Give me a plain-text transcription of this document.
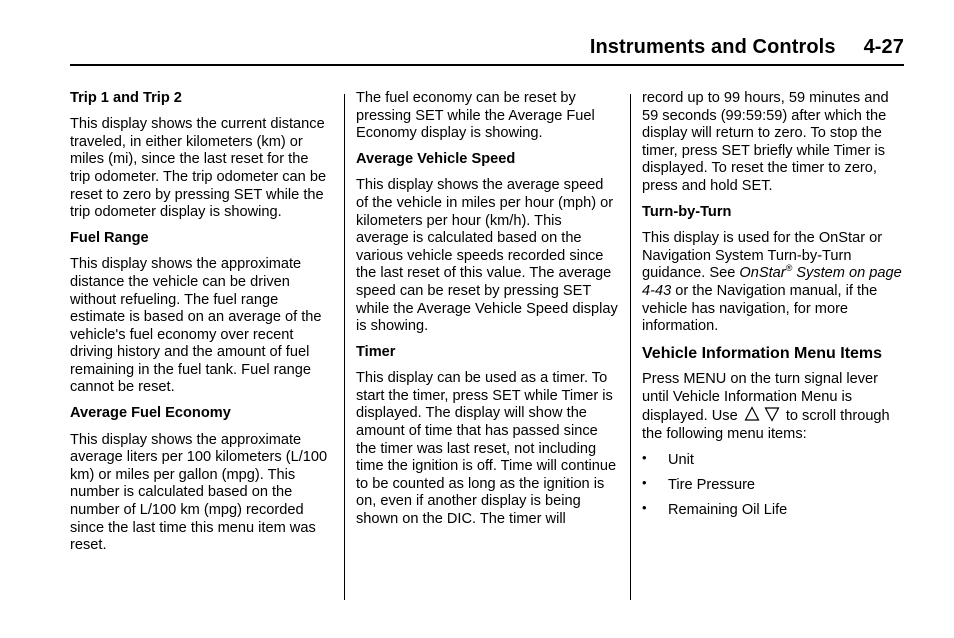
Instruments and Controls 4-27
Trip 1 and Trip 2

This display shows the current distance traveled, in either kilometers (km) or miles (mi), since the last reset for the trip odometer. The trip odometer can be reset to zero by pressing SET while the trip odometer display is showing.

Fuel Range

This display shows the approximate distance the vehicle can be driven without refueling. The fuel range estimate is based on an average of the vehicle's fuel economy over recent driving history and the amount of fuel remaining in the fuel tank. Fuel range cannot be reset.

Average Fuel Economy

This display shows the approximate average liters per 100 kilometers (L/100 km) or miles per gallon (mpg). This number is calculated based on the number of L/100 km (mpg) recorded since the last time this menu item was reset.

The fuel economy can be reset by pressing SET while the Average Fuel Economy display is showing.

Average Vehicle Speed

This display shows the average speed of the vehicle in miles per hour (mph) or kilometers per hour (km/h). This average is calculated based on the various vehicle speeds recorded since the last reset of this value. The average speed can be reset by pressing SET while the Average Vehicle Speed display is showing.

Timer

This display can be used as a timer. To start the timer, press SET while Timer is displayed. The display will show the amount of time that has passed since the timer was last reset, not including time the ignition is off. Time will continue to be counted as long as the ignition is on, even if another display is being shown on the DIC. The timer will

record up to 99 hours, 59 minutes and 59 seconds (99:59:59) after which the display will return to zero. To stop the timer, press SET briefly while Timer is displayed. To reset the timer to zero, press and hold SET.

Turn-by-Turn

This display is used for the OnStar or Navigation System Turn-by-Turn guidance. See OnStar® System on page 4-43 or the Navigation manual, if the vehicle has navigation, for more information.

Vehicle Information Menu Items

Press MENU on the turn signal lever until Vehicle Information Menu is displayed. Use	to scroll through the following menu items:

• Unit
• Tire Pressure
• Remaining Oil Life
